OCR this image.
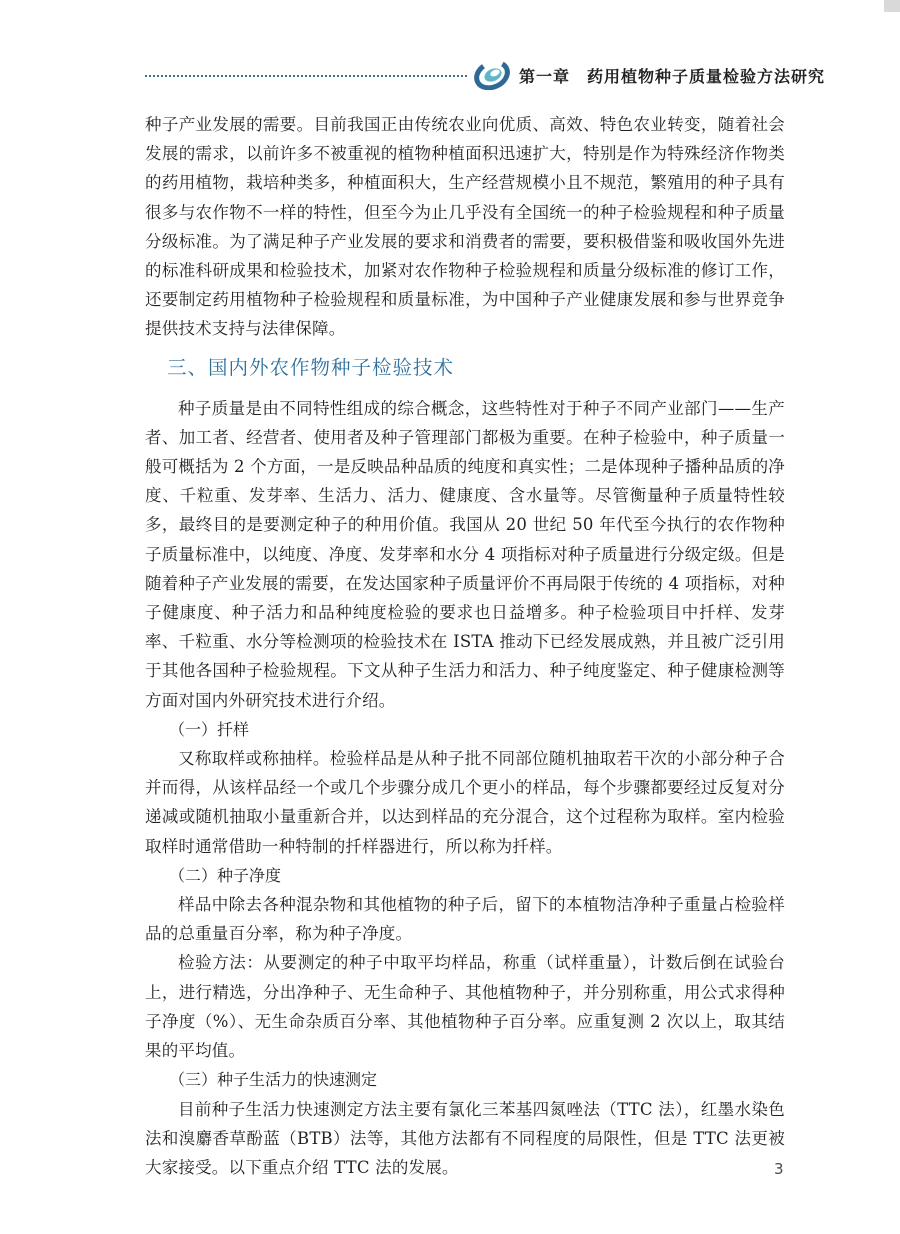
第一章　药用植物种子质量检验方法研究

种子产业发展的需要。目前我国正由传统农业向优质、高效、特色农业转变，随着社会发展的需求，以前许多不被重视的植物种植面积迅速扩大，特别是作为特殊经济作物类的药用植物，栽培种类多，种植面积大，生产经营规模小且不规范，繁殖用的种子具有很多与农作物不一样的特性，但至今为止几乎没有全国统一的种子检验规程和种子质量分级标准。为了满足种子产业发展的要求和消费者的需要，要积极借鉴和吸收国外先进的标准科研成果和检验技术，加紧对农作物种子检验规程和质量分级标准的修订工作，还要制定药用植物种子检验规程和质量标准，为中国种子产业健康发展和参与世界竞争提供技术支持与法律保障。

三、国内外农作物种子检验技术

种子质量是由不同特性组成的综合概念，这些特性对于种子不同产业部门——生产者、加工者、经营者、使用者及种子管理部门都极为重要。在种子检验中，种子质量一般可概括为 2 个方面，一是反映品种品质的纯度和真实性；二是体现种子播种品质的净度、千粒重、发芽率、生活力、活力、健康度、含水量等。尽管衡量种子质量特性较多，最终目的是要测定种子的种用价值。我国从 20 世纪 50 年代至今执行的农作物种子质量标准中，以纯度、净度、发芽率和水分 4 项指标对种子质量进行分级定级。但是随着种子产业发展的需要，在发达国家种子质量评价不再局限于传统的 4 项指标，对种子健康度、种子活力和品种纯度检验的要求也日益增多。种子检验项目中扦样、发芽率、千粒重、水分等检测项的检验技术在 ISTA 推动下已经发展成熟，并且被广泛引用于其他各国种子检验规程。下文从种子生活力和活力、种子纯度鉴定、种子健康检测等方面对国内外研究技术进行介绍。

（一）扦样

又称取样或称抽样。检验样品是从种子批不同部位随机抽取若干次的小部分种子合并而得，从该样品经一个或几个步骤分成几个更小的样品，每个步骤都要经过反复对分递减或随机抽取小量重新合并，以达到样品的充分混合，这个过程称为取样。室内检验取样时通常借助一种特制的扦样器进行，所以称为扦样。

（二）种子净度

样品中除去各种混杂物和其他植物的种子后，留下的本植物洁净种子重量占检验样品的总重量百分率，称为种子净度。

检验方法：从要测定的种子中取平均样品，称重（试样重量），计数后倒在试验台上，进行精选，分出净种子、无生命种子、其他植物种子，并分别称重，用公式求得种子净度（%）、无生命杂质百分率、其他植物种子百分率。应重复测 2 次以上，取其结果的平均值。

（三）种子生活力的快速测定

目前种子生活力快速测定方法主要有氯化三苯基四氮唑法（TTC 法），红墨水染色法和溴麝香草酚蓝（BTB）法等，其他方法都有不同程度的局限性，但是 TTC 法更被大家接受。以下重点介绍 TTC 法的发展。	3
